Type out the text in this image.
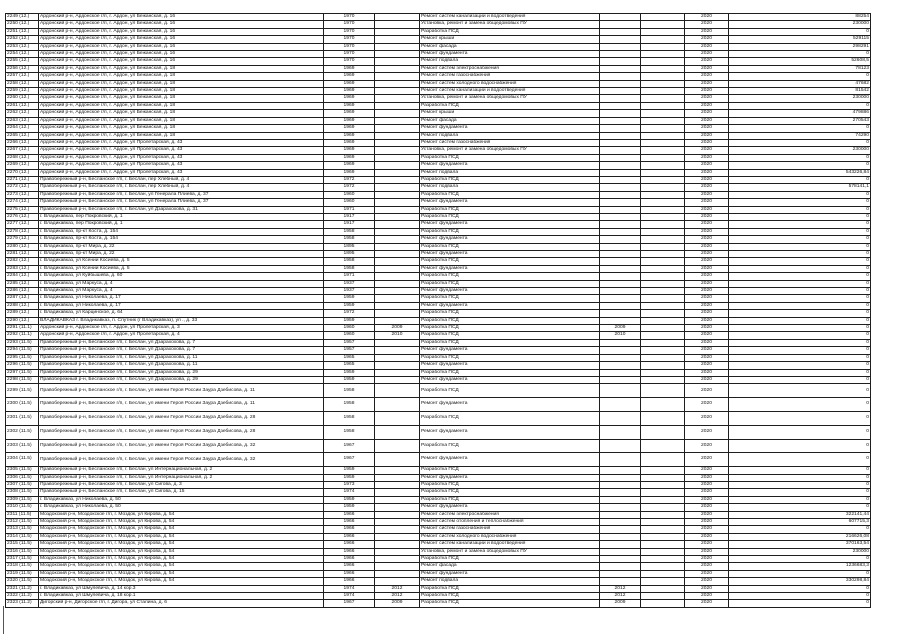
2249 (12.)	Ардонский р-н, Ардонское г/п, г. Ардон, ул Бежанская, д. 16	1970		Ремонт систем канализации и водоотведения			2020	88254
2250 (12.)	Ардонский р-н, Ардонское г/п, г. Ардон, ул Бежанская, д. 16	1970		Установка, ремонт и замена общедомовых ПУ			2020	230000
2251 (12.)	Ардонский р-н, Ардонское г/п, г. Ардон, ул Бежанская, д. 16	1970		Разработка ПСД			2020	0
2252 (12.)	Ардонский р-н, Ардонское г/п, г. Ардон, ул Бежанская, д. 16	1970		Ремонт крыши			2020	529115
2253 (12.)	Ардонский р-н, Ардонское г/п, г. Ардон, ул Бежанская, д. 16	1970		Ремонт фасада			2020	298291
2254 (12.)	Ардонский р-н, Ардонское г/п, г. Ардон, ул Бежанская, д. 16	1970		Ремонт фундамента			2020	0
2255 (12.)	Ардонский р-н, Ардонское г/п, г. Ардон, ул Бежанская, д. 16	1970		Ремонт подвала			2020	52608,5
2256 (12.)	Ардонский р-н, Ардонское г/п, г. Ардон, ул Бежанская, д. 18	1969		Ремонт систем электроснабжения			2020	78123
2257 (12.)	Ардонский р-н, Ардонское г/п, г. Ардон, ул Бежанская, д. 18	1969		Ремонт систем газоснабжения			2020	0
2258 (12.)	Ардонский р-н, Ардонское г/п, г. Ардон, ул Бежанская, д. 18	1969		Ремонт систем холодного водоснабжения			2020	47682
2259 (12.)	Ардонский р-н, Ардонское г/п, г. Ардон, ул Бежанская, д. 18	1969		Ремонт систем канализации и водоотведения			2020	81542
2260 (12.)	Ардонский р-н, Ардонское г/п, г. Ардон, ул Бежанская, д. 18	1969		Установка, ремонт и замена общедомовых ПУ			2020	230000
2261 (12.)	Ардонский р-н, Ардонское г/п, г. Ардон, ул Бежанская, д. 18	1969		Разработка ПСД			2020	0
2262 (12.)	Ардонский р-н, Ардонское г/п, г. Ардон, ул Бежанская, д. 18	1969		Ремонт крыши			2020	479886
2263 (12.)	Ардонский р-н, Ардонское г/п, г. Ардон, ул Бежанская, д. 18	1969		Ремонт фасада			2020	270543
2264 (12.)	Ардонский р-н, Ардонское г/п, г. Ардон, ул Бежанская, д. 18	1969		Ремонт фундамента			2020	0
2265 (12.)	Ардонский р-н, Ардонское г/п, г. Ардон, ул Бежанская, д. 18	1969		Ремонт подвала			2020	74290
2266 (12.)	Ардонский р-н, Ардонское г/п, г. Ардон, ул Пролетарская, д. 43	1969		Ремонт систем газоснабжения			2020	0
2267 (12.)	Ардонский р-н, Ардонское г/п, г. Ардон, ул Пролетарская, д. 43	1969		Установка, ремонт и замена общедомовых ПУ			2020	230000
2268 (12.)	Ардонский р-н, Ардонское г/п, г. Ардон, ул Пролетарская, д. 43	1969		Разработка ПСД			2020	0
2269 (12.)	Ардонский р-н, Ардонское г/п, г. Ардон, ул Пролетарская, д. 43	1969		Ремонт фундамента			2020	0
2270 (12.)	Ардонский р-н, Ардонское г/п, г. Ардон, ул Пролетарская, д. 43	1969		Ремонт подвала			2020	543226,84
2271 (12.)	Правобережный р-н, Бесланское г/п, г. Беслан, пер Хлебный, д. 4	1972		Разработка ПСД			2020	0
2272 (12.)	Правобережный р-н, Бесланское г/п, г. Беслан, пер Хлебный, д. 4	1972		Ремонт подвала			2020	578141,1
2273 (12.)	Правобережный р-н, Бесланское г/п, г. Беслан, ул Генерала Плиева, д. 37	1960		Разработка ПСД			2020	0
2274 (12.)	Правобережный р-н, Бесланское г/п, г. Беслан, ул Генерала Плиева, д. 37	1960		Ремонт фундамента			2020	0
2275 (12.)	Правобережный р-н, Бесланское г/п, г. Беслан, ул Дзарахохова, д. 31	1971		Разработка ПСД			2020	0
2276 (12.)	г. Владикавказ, пер Покровский, д. 1	1917		Разработка ПСД			2020	0
2277 (12.)	г. Владикавказ, пер Покровский, д. 1	1917		Ремонт фундамента			2020	0
2278 (12.)	г. Владикавказ, пр-кт Коста, д. 154	1958		Разработка ПСД			2020	0
2279 (12.)	г. Владикавказ, пр-кт Коста, д. 154	1958		Ремонт фундамента			2020	0
2280 (12.)	г. Владикавказ, пр-кт Мира, д. 22	1895		Разработка ПСД			2020	0
2281 (12.)	г. Владикавказ, пр-кт Мира, д. 22	1895		Ремонт фундамента			2020	0
2282 (12.)	г. Владикавказ, ул Ксении Косиева, д. 5	1958		Разработка ПСД			2020	0
2283 (12.)	г. Владикавказ, ул Ксении Косиева, д. 5	1958		Ремонт фундамента			2020	0
2284 (12.)	г. Владикавказ, ул Куйбышева, д. 60	1971		Разработка ПСД			2020	0
2285 (12.)	г. Владикавказ, ул Маркуса, д. 4	1937		Разработка ПСД			2020	0
2286 (12.)	г. Владикавказ, ул Маркуса, д. 4	1937		Ремонт фундамента			2020	0
2287 (12.)	г. Владикавказ, ул Николаева, д. 17	1959		Разработка ПСД			2020	0
2288 (12.)	г. Владикавказ, ул Николаева, д. 17	1959		Ремонт фундамента			2020	0
2289 (12.)	г. Владикавказ, ул Карцинское, д. 64	1972		Разработка ПСД			2020	0
2290 (12.)	ВЛАДИКАВКАЗ г. Владикавказ, п. Спутник (г Владикавказ), ул ., д. 33	1959		Разработка ПСД			2020	0
2291 (11.1)	Ардонский р-н, Ардонское г/п, г. Ардон, ул Пролетарская, д. 3	1960	2009	Разработка ПСД	2009		2020	0
2292 (11.1)	Ардонский р-н, Ардонское г/п, г. Ардон, ул Пролетарская, д. 4	1960	2010	Разработка ПСД	2010		2020	0
2293 (11.5)	Правобережный р-н, Бесланское г/п, г. Беслан, ул Дзарахохова, д. 7	1957		Разработка ПСД			2020	0
2294 (11.5)	Правобережный р-н, Бесланское г/п, г. Беслан, ул Дзарахохова, д. 7	1957		Ремонт фундамента			2020	0
2295 (11.5)	Правобережный р-н, Бесланское г/п, г. Беслан, ул Дзарахохова, д. 11	1965		Разработка ПСД			2020	0
2296 (11.5)	Правобережный р-н, Бесланское г/п, г. Беслан, ул Дзарахохова, д. 11	1965		Ремонт фундамента			2020	0
2297 (11.5)	Правобережный р-н, Бесланское г/п, г. Беслан, ул Дзарахохова, д. 29	1959		Разработка ПСД			2020	0
2298 (11.5)	Правобережный р-н, Бесланское г/п, г. Беслан, ул Дзарахохова, д. 29	1959		Ремонт фундамента			2020	0
2299 (11.5)	Правобережный р-н, Бесланское г/п, г. Беслан, ул имени Героя России Заура Дзебисова, д. 11	1958		Разработка ПСД			2020	0
2300 (11.5)	Правобережный р-н, Бесланское г/п, г. Беслан, ул имени Героя России Заура Дзебисова, д. 11	1958		Ремонт фундамента			2020	0
2301 (11.5)	Правобережный р-н, Бесланское г/п, г. Беслан, ул имени Героя России Заура Дзебисова, д. 28	1958		Разработка ПСД			2020	0
2302 (11.5)	Правобережный р-н, Бесланское г/п, г. Беслан, ул имени Героя России Заура Дзебисова, д. 28	1958		Ремонт фундамента			2020	0
2303 (11.5)	Правобережный р-н, Бесланское г/п, г. Беслан, ул имени Героя России Заура Дзебисова, д. 32	1967		Разработка ПСД			2020	0
2304 (11.5)	Правобережный р-н, Бесланское г/п, г. Беслан, ул имени Героя России Заура Дзебисова, д. 32	1967		Ремонт фундамента			2020	0
2305 (11.5)	Правобережный р-н, Бесланское г/п, г. Беслан, ул Интернациональная, д. 2	1959		Разработка ПСД			2020	0
2306 (11.5)	Правобережный р-н, Бесланское г/п, г. Беслан, ул Интернациональная, д. 2	1959		Ремонт фундамента			2020	0
2307 (11.5)	Правобережный р-н, Бесланское г/п, г. Беслан, ул Сигова, д. 3	1973		Разработка ПСД			2020	0
2308 (11.5)	Правобережный р-н, Бесланское г/п, г. Беслан, ул Сигова, д. 15	1974		Разработка ПСД			2020	0
2309 (11.5)	г. Владикавказ, ул Николаева, д. 50	1959		Разработка ПСД			2020	0
2310 (11.5)	г. Владикавказ, ул Николаева, д. 50	1959		Ремонт фундамента			2020	0
2311 (11.5)	Моздокский р-н, Моздокское г/п, г. Моздок, ул Кирова, д. 54	1966		Ремонт систем электроснабжения			2020	322141,44
2312 (11.5)	Моздокский р-н, Моздокское г/п, г. Моздок, ул Кирова, д. 54	1966		Ремонт систем отопления и теплоснабжения			2020	607715,3
2313 (11.5)	Моздокский р-н, Моздокское г/п, г. Моздок, ул Кирова, д. 54	1966		Ремонт систем газоснабжения			2020	0
2314 (11.5)	Моздокский р-н, Моздокское г/п, г. Моздок, ул Кирова, д. 54	1966		Ремонт систем холодного водоснабжения			2020	216626,08
2315 (11.5)	Моздокский р-н, Моздокское г/п, г. Моздок, ул Кирова, д. 54	1966		Ремонт систем канализации и водоотведения			2020	370163,54
2316 (11.5)	Моздокский р-н, Моздокское г/п, г. Моздок, ул Кирова, д. 54	1966		Установка, ремонт и замена общедомовых ПУ			2020	230000
2317 (11.5)	Моздокский р-н, Моздокское г/п, г. Моздок, ул Кирова, д. 54	1966		Разработка ПСД			2020	0
2318 (11.5)	Моздокский р-н, Моздокское г/п, г. Моздок, ул Кирова, д. 54	1966		Ремонт фасада			2020	1236683,3
2319 (11.5)	Моздокский р-н, Моздокское г/п, г. Моздок, ул Кирова, д. 54	1966		Ремонт фундамента			2020	0
2320 (11.5)	Моздокский р-н, Моздокское г/п, г. Моздок, ул Кирова, д. 54	1966		Ремонт подвала			2020	330298,84
2321 (11.2)	г. Владикавказ, ул Шмулевича, д. 14 кор.3	1974	2012	Разработка ПСД	2012		2020	0
2322 (11.2)	г. Владикавказ, ул Шмулевича, д. 18 кор.1	1974	2012	Разработка ПСД	2012		2020	0
2323 (11.2)	Дигорский р-н, Дигорское г/п, г. Дигора, ул Сталина, д. 6	1967	2009	Разработка ПСД	2009		2020	0
